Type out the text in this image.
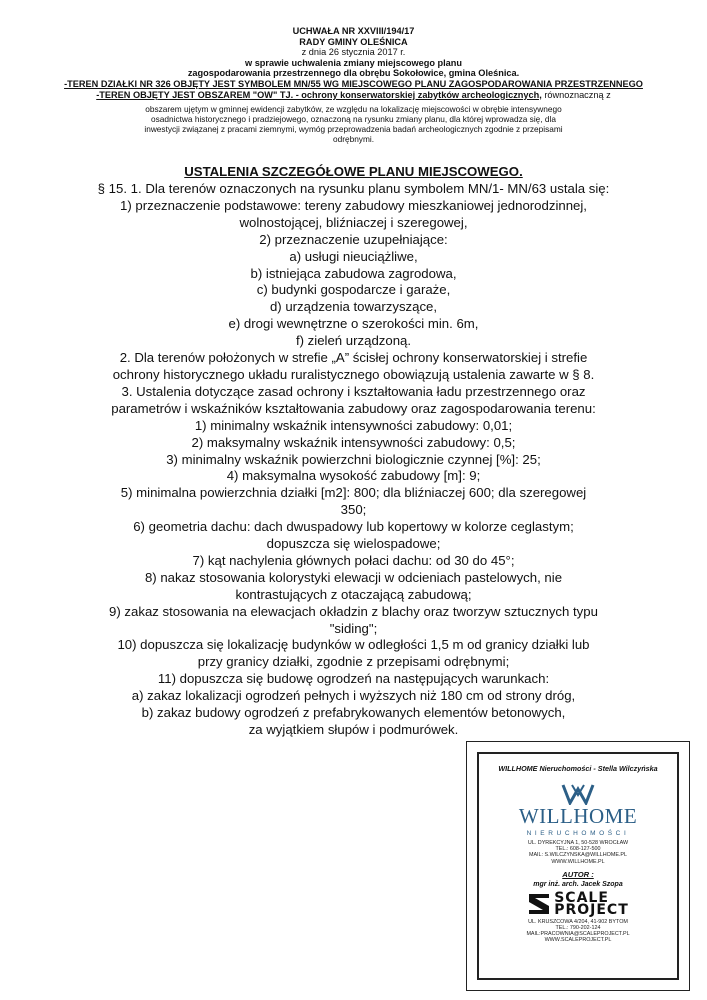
UCHWAŁA NR XXVIII/194/17
RADY GMINY OLEŚNICA
z dnia 26 stycznia 2017 r.
w sprawie uchwalenia zmiany miejscowego planu
zagospodarowania przestrzennego dla obrębu Sokołowice, gmina Oleśnica.
-TEREN DZIAŁKI NR 326 OBJĘTY JEST SYMBOLEM MN/55 WG MIEJSCOWEGO PLANU ZAGOSPODAROWANIA PRZESTRZENNEGO
-TEREN OBJĘTY JEST OBSZAREM "OW" TJ. - ochrony konserwatorskiej zabytków archeologicznych, równoznaczną z
obszarem ujętym w gminnej ewidencji zabytków, ze względu na lokalizację miejscowości w obrębie intensywnego
osadnictwa historycznego i pradziejowego, oznaczoną na rysunku zmiany planu, dla której wprowadza się, dla
inwestycji związanej z pracami ziemnymi, wymóg przeprowadzenia badań archeologicznych zgodnie z przepisami
odrębnymi.
USTALENIA SZCZEGÓŁOWE PLANU MIEJSCOWEGO.
§ 15. 1. Dla terenów oznaczonych na rysunku planu symbolem MN/1- MN/63 ustala się:
1) przeznaczenie podstawowe: tereny zabudowy mieszkaniowej jednorodzinnej,
wolnostojącej, bliźniaczej i szeregowej,
2) przeznaczenie uzupełniające:
a) usługi nieuciążliwe,
b) istniejąca zabudowa zagrodowa,
c) budynki gospodarcze i garaże,
d) urządzenia towarzyszące,
e) drogi wewnętrzne o szerokości min. 6m,
f) zieleń urządzoną.
2. Dla terenów położonych w strefie „A” ścisłej ochrony konserwatorskiej i strefie
ochrony historycznego układu ruralistycznego obowiązują ustalenia zawarte w § 8.
3. Ustalenia dotyczące zasad ochrony i kształtowania ładu przestrzennego oraz
parametrów i wskaźników kształtowania zabudowy oraz zagospodarowania terenu:
1) minimalny wskaźnik intensywności zabudowy: 0,01;
2) maksymalny wskaźnik intensywności zabudowy: 0,5;
3) minimalny wskaźnik powierzchni biologicznie czynnej [%]: 25;
4) maksymalna wysokość zabudowy [m]: 9;
5) minimalna powierzchnia działki [m2]: 800; dla bliźniaczej 600; dla szeregowej
350;
6) geometria dachu: dach dwuspadowy lub kopertowy w kolorze ceglastym;
dopuszcza się wielospadowe;
7) kąt nachylenia głównych połaci dachu: od 30 do 45°;
8) nakaz stosowania kolorystyki elewacji w odcieniach pastelowych, nie
kontrastujących z otaczającą zabudową;
9) zakaz stosowania na elewacjach okładzin z blachy oraz tworzyw sztucznych typu
"siding";
10) dopuszcza się lokalizację budynków w odległości 1,5 m od granicy działki lub
przy granicy działki, zgodnie z przepisami odrębnymi;
11) dopuszcza się budowę ogrodzeń na następujących warunkach:
a) zakaz lokalizacji ogrodzeń pełnych i wyższych niż 180 cm od strony dróg,
b) zakaz budowy ogrodzeń z prefabrykowanych elementów betonowych,
za wyjątkiem słupów i podmurówek.
WILLHOME Nieruchomości - Stella Wilczyńska
WILLHOME
NIERUCHOMOŚCI
UL. DYREKCYJNA 1, 50-528 WROCŁAW
TEL.: 608-127-500
MAIL: S.WILCZYNSKA@WILLHOME.PL
WWW.WILLHOME.PL
AUTOR :
mgr inż. arch. Jacek Szopa
SCALE
PROJECT
UL. KRUSZCOWA 4/204, 41-902 BYTOM
TEL.: 790-202-124
MAIL:PRACOWNIA@SCALEPROJECT.PL
WWW.SCALEPROJECT.PL
